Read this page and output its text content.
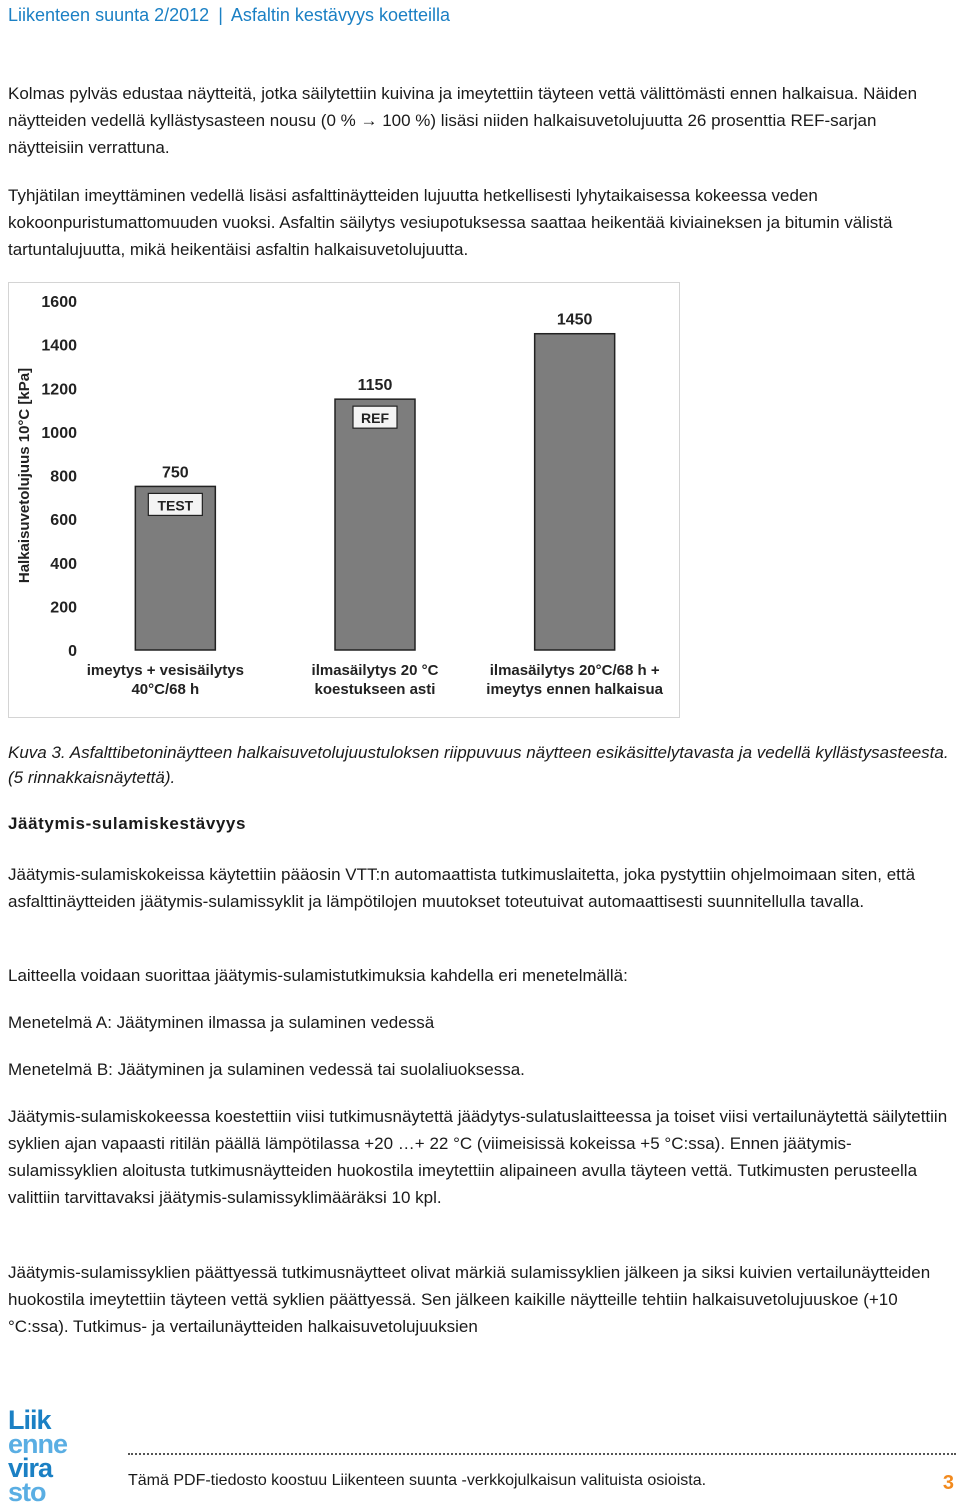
Liikenteen suunta 2/2012 | Asfaltin kestävyys koetteilla
Kolmas pylväs edustaa näytteitä, jotka säilytettiin kuivina ja imeytettiin täyteen vettä välittömästi ennen halkaisua. Näiden näytteiden vedellä kyllästysasteen nousu (0 % → 100 %) lisäsi niiden halkaisuvetolujuutta 26 prosenttia REF-sarjan näytteisiin verrattuna.
Tyhjätilan imeyttäminen vedellä lisäsi asfalttinäytteiden lujuutta hetkellisesti lyhytaikaisessa kokeessa veden kokoonpuristumattomuuden vuoksi. Asfaltin säilytys vesiupotuksessa saattaa heikentää kiviaineksen ja bitumin välistä tartuntalujuutta, mikä heikentäisi asfaltin halkaisuvetolujuutta.
Halkaisuvetolujuus 10°C [kPa]
0
200
400
600
800
1000
1200
1400
1600
750
TEST
imeytys + vesisäilytys
40°C/68 h
1150
REF
ilmasäilytys 20 °C
koestukseen asti
1450
ilmasäilytys 20°C/68 h +
imeytys ennen halkaisua
Kuva 3. Asfalttibetoninäytteen halkaisuvetolujuustuloksen riippuvuus näytteen esikäsittelytavasta ja vedellä kyllästysasteesta. (5 rinnakkaisnäytettä).
Jäätymis-sulamiskestävyys
Jäätymis-sulamiskokeissa käytettiin pääosin VTT:n automaattista tutkimuslaitetta, joka pystyttiin ohjelmoimaan siten, että asfalttinäytteiden jäätymis-sulamissyklit ja lämpötilojen muutokset toteutuivat automaattisesti suunnitellulla tavalla.
Laitteella voidaan suorittaa jäätymis-sulamistutkimuksia kahdella eri menetelmällä:
Menetelmä A: Jäätyminen ilmassa ja sulaminen vedessä
Menetelmä B: Jäätyminen ja sulaminen vedessä tai suolaliuoksessa.
Jäätymis-sulamiskokeessa koestettiin viisi tutkimusnäytettä jäädytys-sulatuslaitteessa ja toiset viisi vertailunäytettä säilytettiin syklien ajan vapaasti ritilän päällä lämpötilassa +20 …+ 22 °C (viimeisissä kokeissa +5 °C:ssa). Ennen jäätymis-sulamissyklien aloitusta tutkimusnäytteiden huokostila imeytettiin alipaineen avulla täyteen vettä. Tutkimusten perusteella valittiin tarvittavaksi jäätymis-sulamissyklimääräksi 10 kpl.
Jäätymis-sulamissyklien päättyessä tutkimusnäytteet olivat märkiä sulamissyklien jälkeen ja siksi kuivien vertailunäytteiden huokostila imeytettiin täyteen vettä syklien päättyessä. Sen jälkeen kaikille näytteille tehtiin halkaisuvetolujuuskoe (+10 °C:ssa). Tutkimus- ja vertailunäytteiden halkaisuvetolujuuksien
Liik
enne
vira
sto	Tämä PDF-tiedosto koostuu Liikenteen suunta -verkkojulkaisun valituista osioista.	3
